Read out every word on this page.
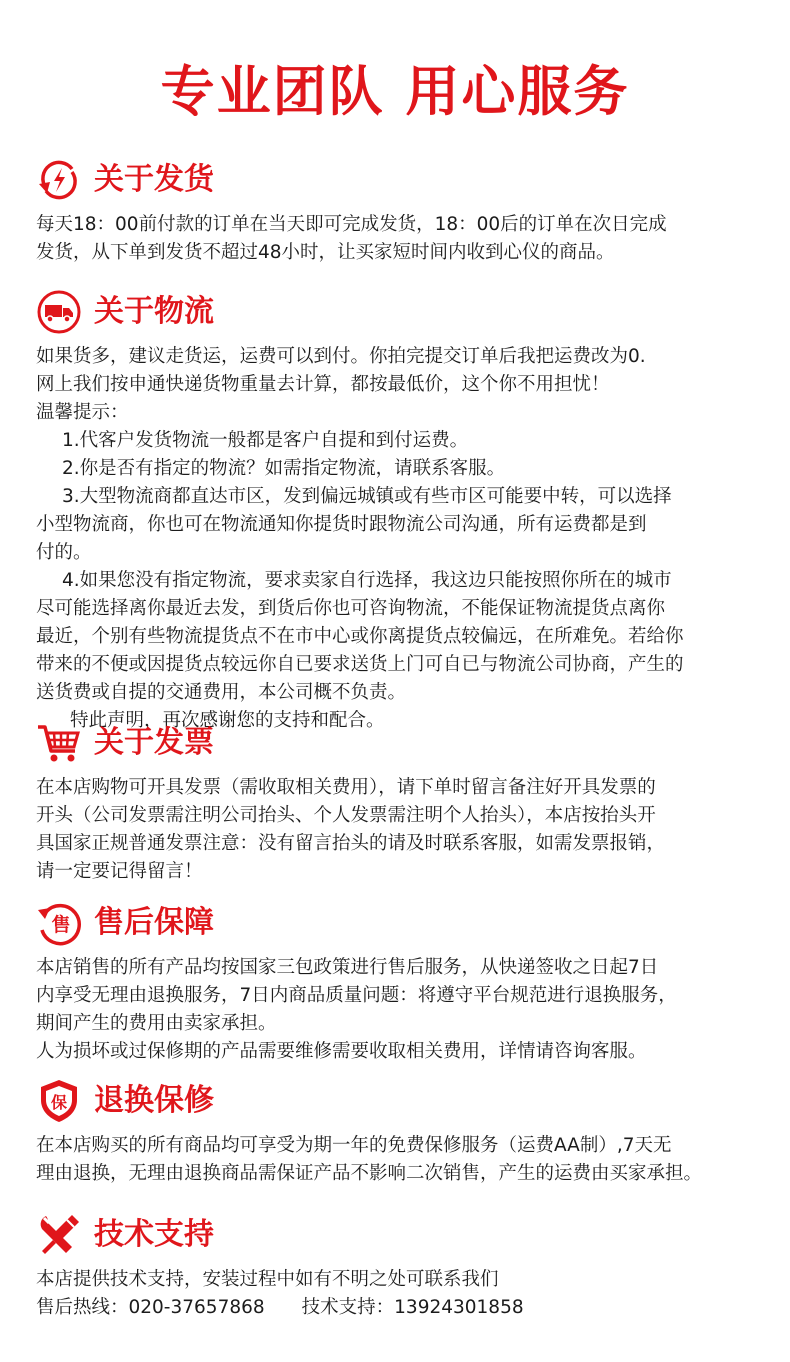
专业团队 用心服务
关于发货

每天18：00前付款的订单在当天即可完成发货，18：00后的订单在次日完成

发货，从下单到发货不超过48小时，让买家短时间内收到心仪的商品。

关于物流

如果货多，建议走货运，运费可以到付。你拍完提交订单后我把运费改为0.

网上我们按申通快递货物重量去计算，都按最低价，这个你不用担忧！

温馨提示：

1.代客户发货物流一般都是客户自提和到付运费。

2.你是否有指定的物流？如需指定物流，请联系客服。

3.大型物流商都直达市区，发到偏远城镇或有些市区可能要中转，可以选择

小型物流商，你也可在物流通知你提货时跟物流公司沟通，所有运费都是到

付的。

4.如果您没有指定物流，要求卖家自行选择，我这边只能按照你所在的城市

尽可能选择离你最近去发，到货后你也可咨询物流，不能保证物流提货点离你

最近，个别有些物流提货点不在市中心或你离提货点较偏远，在所难免。若给你

带来的不便或因提货点较远你自已要求送货上门可自已与物流公司协商，产生的

送货费或自提的交通费用，本公司概不负责。

特此声明，再次感谢您的支持和配合。

关于发票

在本店购物可开具发票（需收取相关费用），请下单时留言备注好开具发票的

开头（公司发票需注明公司抬头、个人发票需注明个人抬头），本店按抬头开

具国家正规普通发票注意：没有留言抬头的请及时联系客服，如需发票报销，

请一定要记得留言！

售 售后保障

本店销售的所有产品均按国家三包政策进行售后服务，从快递签收之日起7日

内享受无理由退换服务，7日内商品质量问题：将遵守平台规范进行退换服务，

期间产生的费用由卖家承担。

人为损坏或过保修期的产品需要维修需要收取相关费用，详情请咨询客服。

保 退换保修

在本店购买的所有商品均可享受为期一年的免费保修服务（运费AA制）,7天无

理由退换，无理由退换商品需保证产品不影响二次销售，产生的运费由买家承担。

技术支持

本店提供技术支持，安装过程中如有不明之处可联系我们

售后热线：020-37657868　　技术支持：13924301858
